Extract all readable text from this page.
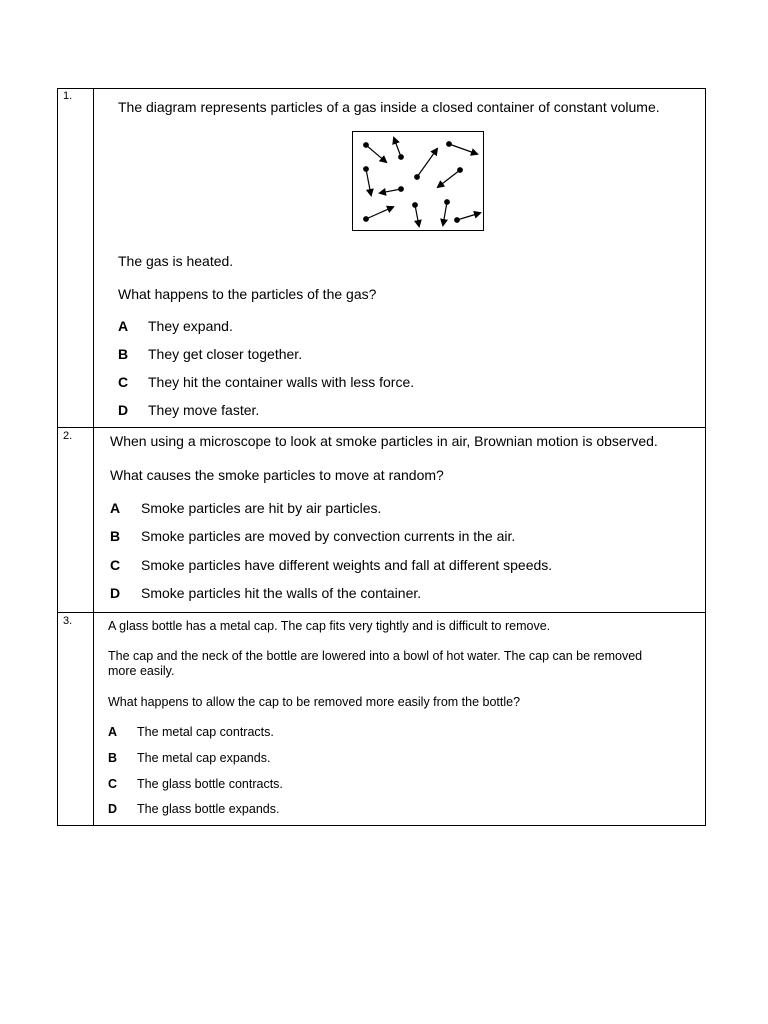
1.
The diagram represents particles of a gas inside a closed container of constant volume.
The gas is heated.
What happens to the particles of the gas?
A They expand.
B They get closer together.
C They hit the container walls with less force.
D They move faster.
2.	When using a microscope to look at smoke particles in air, Brownian motion is observed.
What causes the smoke particles to move at random?
A Smoke particles are hit by air particles.
B Smoke particles are moved by convection currents in the air.
C Smoke particles have different weights and fall at different speeds.
D Smoke particles hit the walls of the container.
3.	A glass bottle has a metal cap. The cap fits very tightly and is difficult to remove.
The cap and the neck of the bottle are lowered into a bowl of hot water. The cap can be removed
more easily.
What happens to allow the cap to be removed more easily from the bottle?
A The metal cap contracts.
B The metal cap expands.
C The glass bottle contracts.
D The glass bottle expands.
